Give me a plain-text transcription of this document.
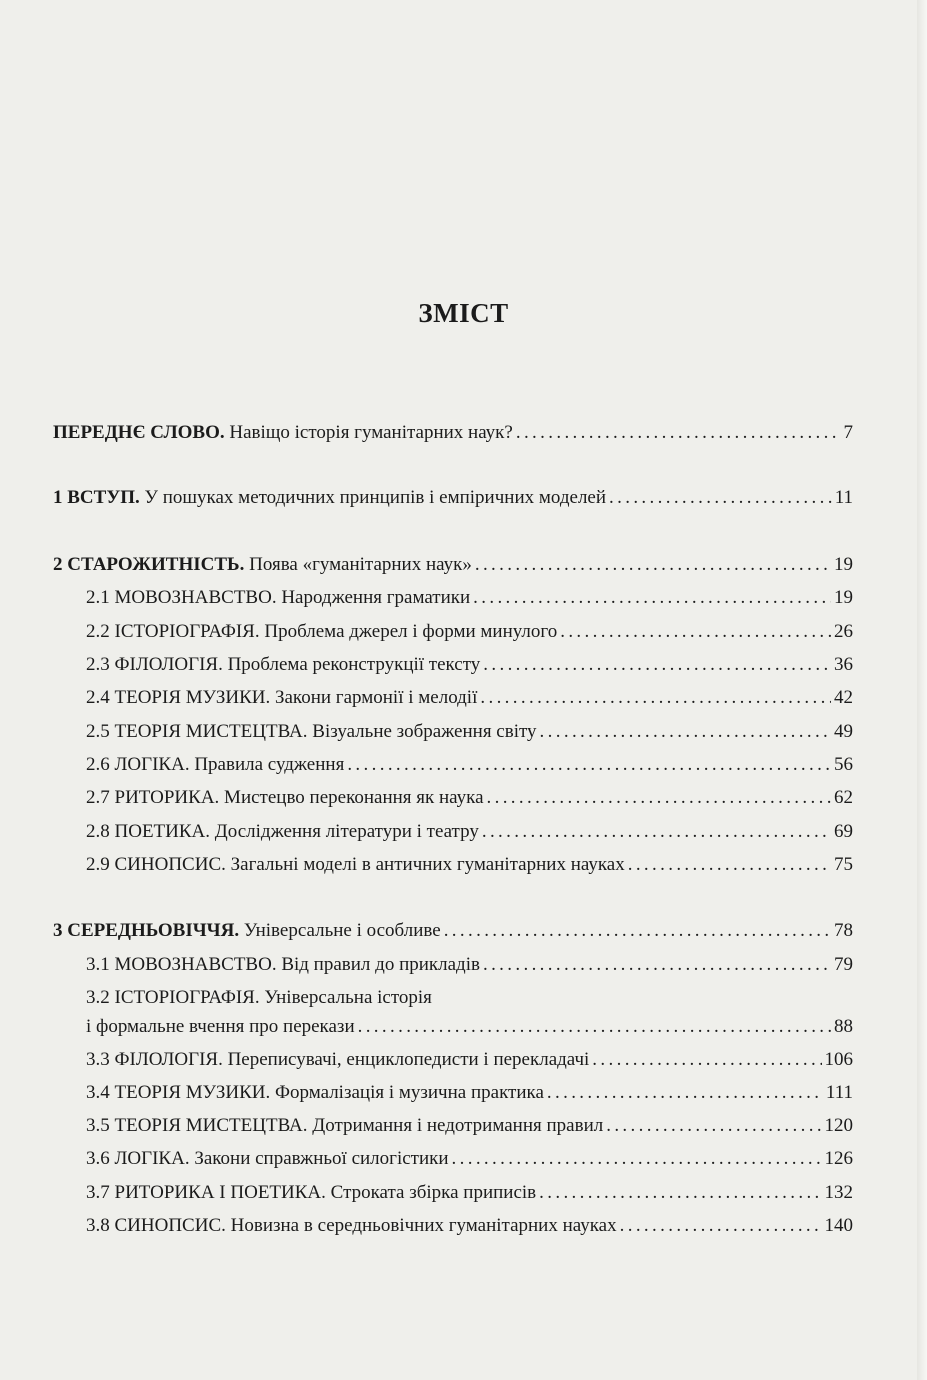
ЗМІСТ
ПЕРЕДНЄ СЛОВО. Навіщо історія гуманітарних наук? . . .	7
1 ВСТУП. У пошуках методичних принципів і емпіричних моделей . . .	11
2 СТАРОЖИТНІСТЬ. Поява «гуманітарних наук» . . .	19
2.1 МОВОЗНАВСТВО. Народження граматики . . .	19
2.2 ІСТОРІОГРАФІЯ. Проблема джерел і форми минулого . . .	26
2.3 ФІЛОЛОГІЯ. Проблема реконструкції тексту . . .	36
2.4 ТЕОРІЯ МУЗИКИ. Закони гармонії і мелодії . . .	42
2.5 ТЕОРІЯ МИСТЕЦТВА. Візуальне зображення світу . . .	49
2.6 ЛОГІКА. Правила судження . . .	56
2.7 РИТОРИКА. Мистецво переконання як наука . . .	62
2.8 ПОЕТИКА. Дослідження літератури і театру . . .	69
2.9 СИНОПСИС. Загальні моделі в античних гуманітарних науках . . .	75
3 СЕРЕДНЬОВІЧЧЯ. Універсальне і особливе . . .	78
3.1 МОВОЗНАВСТВО. Від правил до прикладів . . .	79
3.2 ІСТОРІОГРАФІЯ. Універсальна історія
і формальне вчення про перекази . . .	88
3.3 ФІЛОЛОГІЯ. Переписувачі, енциклопедисти і перекладачі . . .	106
3.4 ТЕОРІЯ МУЗИКИ. Формалізація і музична практика . . .	111
3.5 ТЕОРІЯ МИСТЕЦТВА. Дотримання і недотримання правил . . .	120
3.6 ЛОГІКА. Закони справжньої силогістики . . .	126
3.7 РИТОРИКА І ПОЕТИКА. Строката збірка приписів . . .	132
3.8 СИНОПСИС. Новизна в середньовічних гуманітарних науках . . .	140
